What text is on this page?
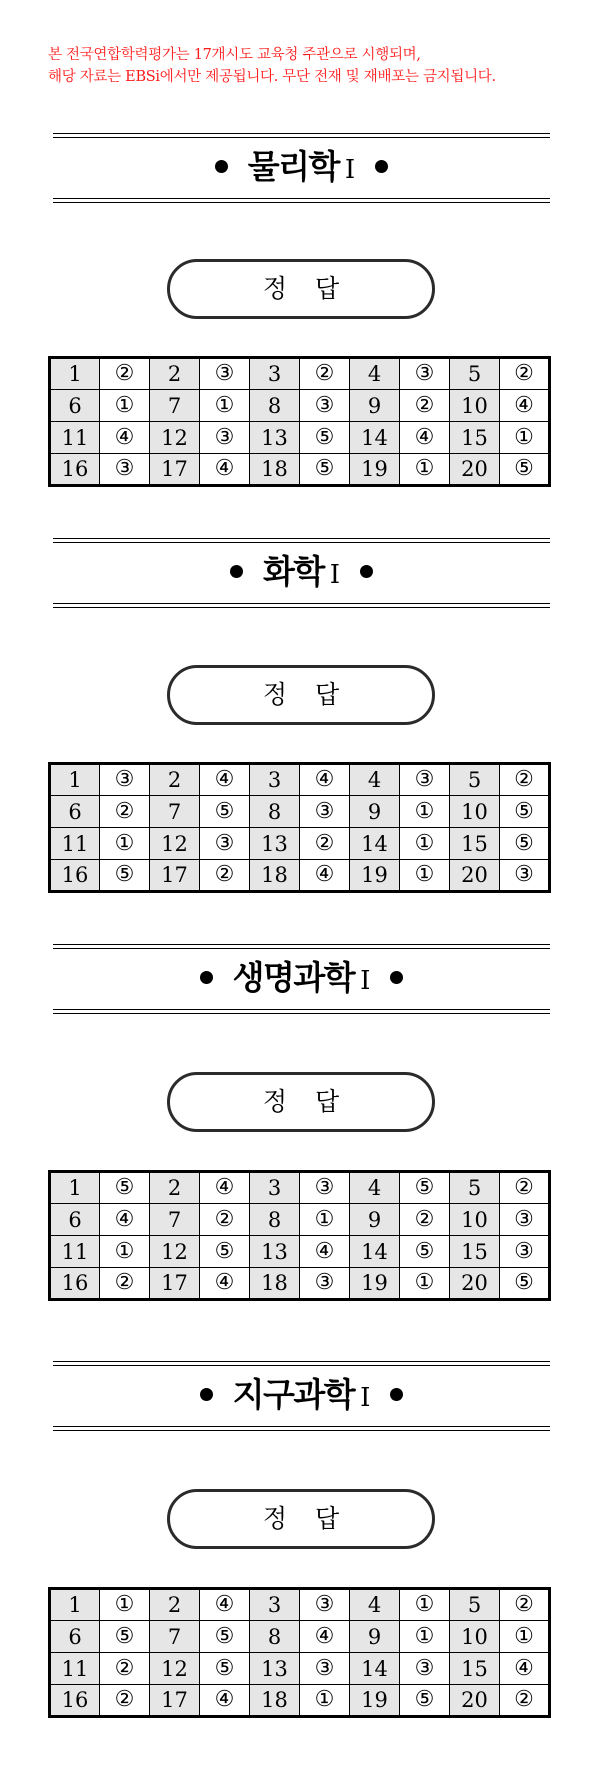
본 전국연합학력평가는 17개시도 교육청 주관으로 시행되며,
해당 자료는 EBSi에서만 제공됩니다. 무단 전재 및 재배포는 금지됩니다.
물리학 Ⅰ
정 답
1	②	2	③	3	②	4	③	5	②
6	①	7	①	8	③	9	②	10	④
11	④	12	③	13	⑤	14	④	15	①
16	③	17	④	18	⑤	19	①	20	⑤
화학 Ⅰ
정 답
1	③	2	④	3	④	4	③	5	②
6	②	7	⑤	8	③	9	①	10	⑤
11	①	12	③	13	②	14	①	15	⑤
16	⑤	17	②	18	④	19	①	20	③
생명과학 Ⅰ
정 답
1	⑤	2	④	3	③	4	⑤	5	②
6	④	7	②	8	①	9	②	10	③
11	①	12	⑤	13	④	14	⑤	15	③
16	②	17	④	18	③	19	①	20	⑤
지구과학 Ⅰ
정 답
1	①	2	④	3	③	4	①	5	②
6	⑤	7	⑤	8	④	9	①	10	①
11	②	12	⑤	13	③	14	③	15	④
16	②	17	④	18	①	19	⑤	20	②
